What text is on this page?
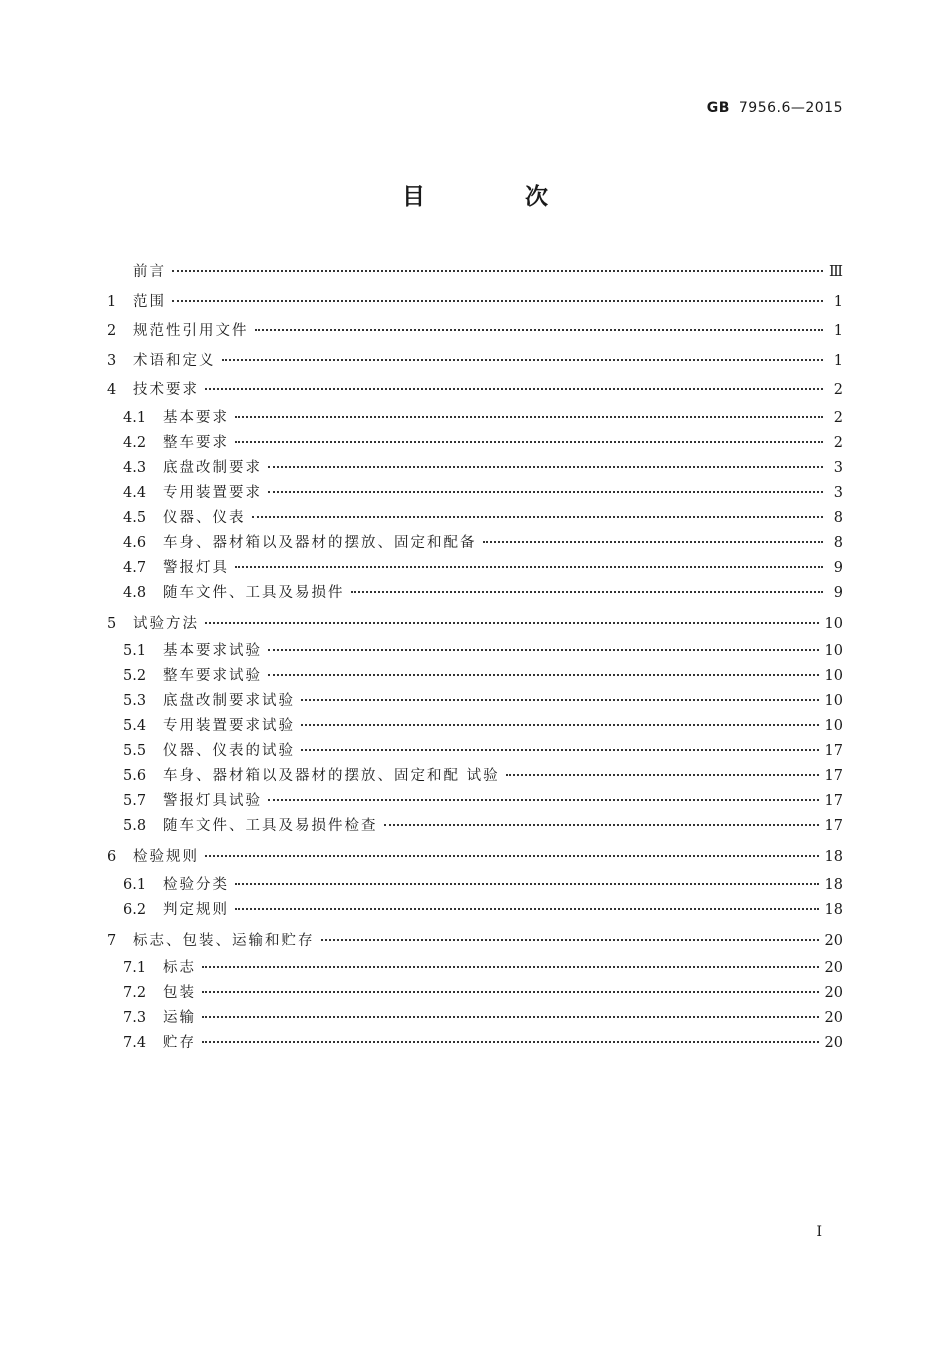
GB 7956.6—2015
目 次
前言	Ⅲ
1	范围	1
2	规范性引用文件	1
3	术语和定义	1
4	技术要求	2
4.1	基本要求	2
4.2	整车要求	2
4.3	底盘改制要求	3
4.4	专用装置要求	3
4.5	仪器、仪表	8
4.6	车身、器材箱以及器材的摆放、固定和配备	8
4.7	警报灯具	9
4.8	随车文件、工具及易损件	9
5	试验方法	10
5.1	基本要求试验	10
5.2	整车要求试验	10
5.3	底盘改制要求试验	10
5.4	专用装置要求试验	10
5.5	仪器、仪表的试验	17
5.6	车身、器材箱以及器材的摆放、固定和配 试验	17
5.7	警报灯具试验	17
5.8	随车文件、工具及易损件检查	17
6	检验规则	18
6.1	检验分类	18
6.2	判定规则	18
7	标志、包装、运输和贮存	20
7.1	标志	20
7.2	包装	20
7.3	运输	20
7.4	贮存	20
I
